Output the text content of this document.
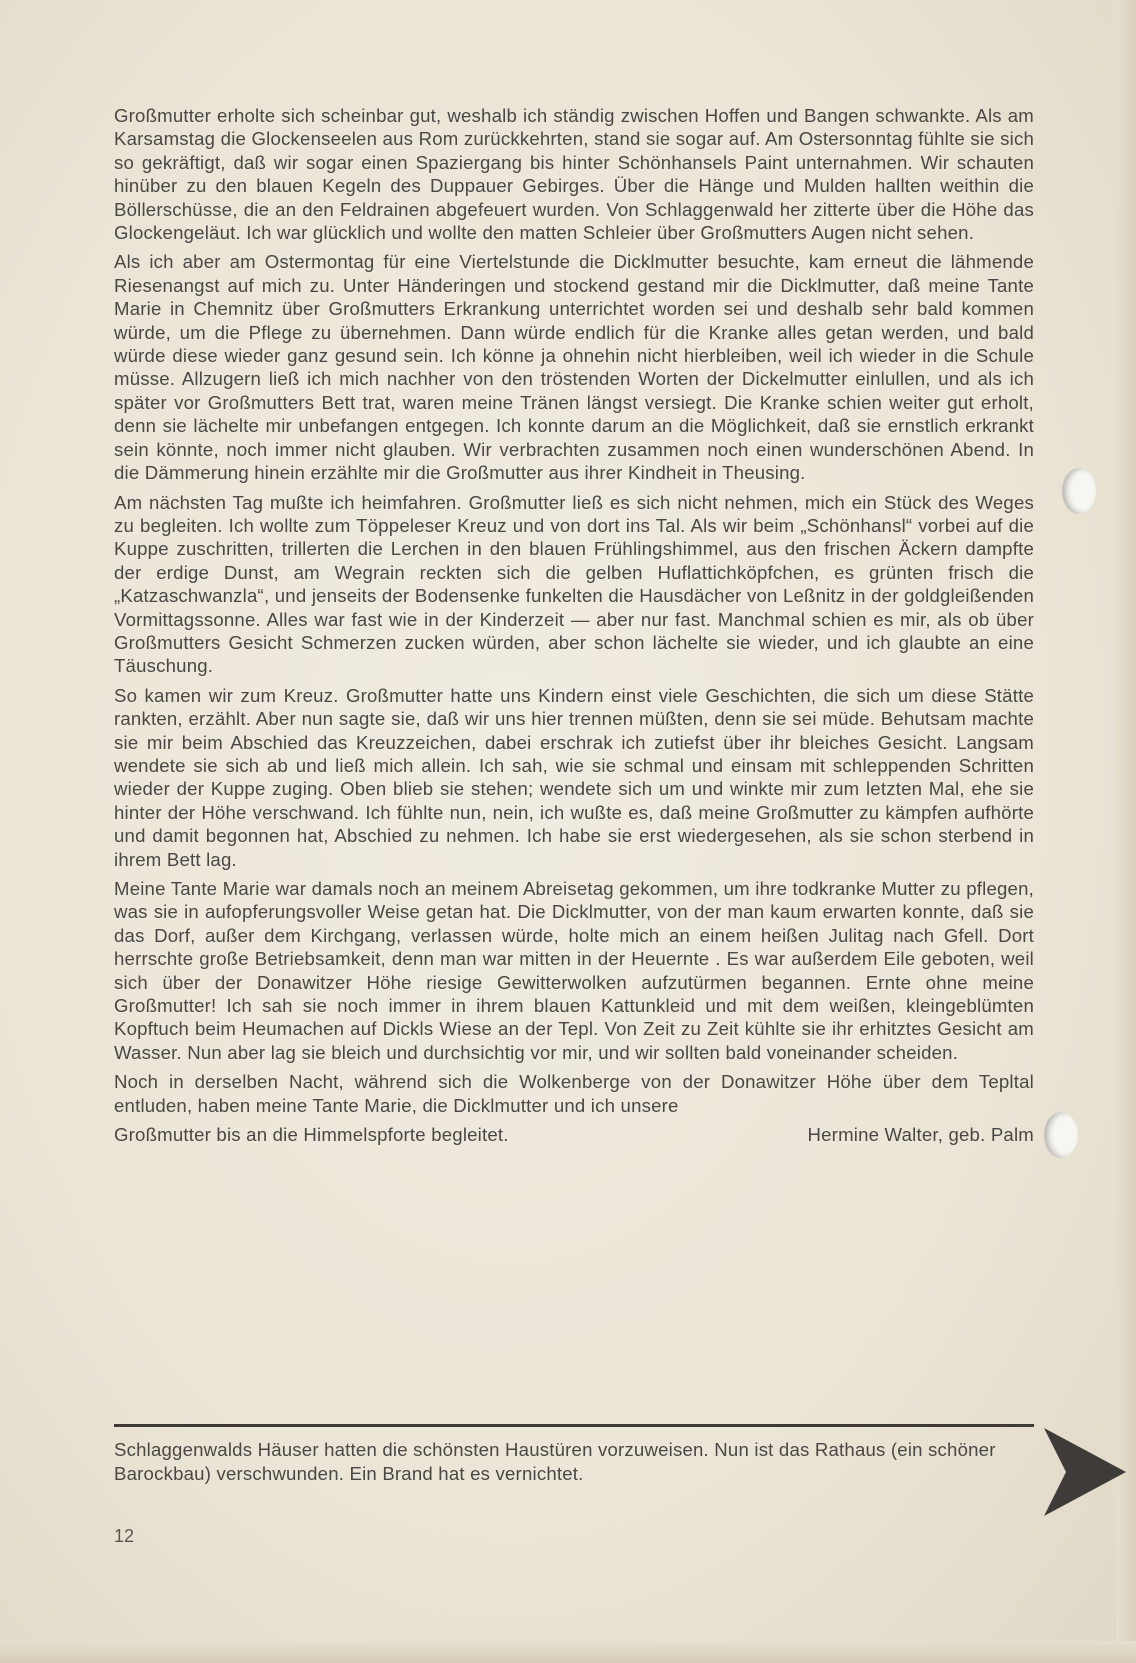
Großmutter erholte sich scheinbar gut, weshalb ich ständig zwischen Hoffen und Bangen schwankte. Als am Karsamstag die Glockenseelen aus Rom zurückkehrten, stand sie sogar auf. Am Ostersonntag fühlte sie sich so gekräftigt, daß wir sogar einen Spaziergang bis hinter Schönhansels Paint unternahmen. Wir schauten hinüber zu den blauen Kegeln des Duppauer Gebirges. Über die Hänge und Mulden hallten weithin die Böllerschüsse, die an den Feldrainen abgefeuert wurden. Von Schlaggenwald her zitterte über die Höhe das Glockengeläut. Ich war glücklich und wollte den matten Schleier über Großmutters Augen nicht sehen.

Als ich aber am Ostermontag für eine Viertelstunde die Dicklmutter besuchte, kam erneut die lähmende Riesenangst auf mich zu. Unter Händeringen und stockend gestand mir die Dicklmutter, daß meine Tante Marie in Chemnitz über Großmutters Erkrankung unterrichtet worden sei und deshalb sehr bald kommen würde, um die Pflege zu übernehmen. Dann würde endlich für die Kranke alles getan werden, und bald würde diese wieder ganz gesund sein. Ich könne ja ohnehin nicht hierbleiben, weil ich wieder in die Schule müsse. Allzugern ließ ich mich nachher von den tröstenden Worten der Dickelmutter einlullen, und als ich später vor Großmutters Bett trat, waren meine Tränen längst versiegt. Die Kranke schien weiter gut erholt, denn sie lächelte mir unbefangen entgegen. Ich konnte darum an die Möglichkeit, daß sie ernstlich erkrankt sein könnte, noch immer nicht glauben. Wir verbrachten zusammen noch einen wunderschönen Abend. In die Dämmerung hinein erzählte mir die Großmutter aus ihrer Kindheit in Theusing.

Am nächsten Tag mußte ich heimfahren. Großmutter ließ es sich nicht nehmen, mich ein Stück des Weges zu begleiten. Ich wollte zum Töppeleser Kreuz und von dort ins Tal. Als wir beim „Schönhansl“ vorbei auf die Kuppe zuschritten, trillerten die Lerchen in den blauen Frühlingshimmel, aus den frischen Äckern dampfte der erdige Dunst, am Wegrain reckten sich die gelben Huflattichköpfchen, es grünten frisch die „Katzaschwanzla“, und jenseits der Bodensenke funkelten die Hausdächer von Leßnitz in der goldgleißenden Vormittagssonne. Alles war fast wie in der Kinderzeit — aber nur fast. Manchmal schien es mir, als ob über Großmutters Gesicht Schmerzen zucken würden, aber schon lächelte sie wieder, und ich glaubte an eine Täuschung.

So kamen wir zum Kreuz. Großmutter hatte uns Kindern einst viele Geschichten, die sich um diese Stätte rankten, erzählt. Aber nun sagte sie, daß wir uns hier trennen müßten, denn sie sei müde. Behutsam machte sie mir beim Abschied das Kreuzzeichen, dabei erschrak ich zutiefst über ihr bleiches Gesicht. Langsam wendete sie sich ab und ließ mich allein. Ich sah, wie sie schmal und einsam mit schleppenden Schritten wieder der Kuppe zuging. Oben blieb sie stehen; wendete sich um und winkte mir zum letzten Mal, ehe sie hinter der Höhe verschwand. Ich fühlte nun, nein, ich wußte es, daß meine Großmutter zu kämpfen aufhörte und damit begonnen hat, Abschied zu nehmen. Ich habe sie erst wiedergesehen, als sie schon sterbend in ihrem Bett lag.

Meine Tante Marie war damals noch an meinem Abreisetag gekommen, um ihre todkranke Mutter zu pflegen, was sie in aufopferungsvoller Weise getan hat. Die Dicklmutter, von der man kaum erwarten konnte, daß sie das Dorf, außer dem Kirchgang, verlassen würde, holte mich an einem heißen Julitag nach Gfell. Dort herrschte große Betriebsamkeit, denn man war mitten in der Heuernte . Es war außerdem Eile geboten, weil sich über der Donawitzer Höhe riesige Gewitterwolken aufzutürmen begannen. Ernte ohne meine Großmutter! Ich sah sie noch immer in ihrem blauen Kattunkleid und mit dem weißen, kleingeblümten Kopftuch beim Heumachen auf Dickls Wiese an der Tepl. Von Zeit zu Zeit kühlte sie ihr erhitztes Gesicht am Wasser. Nun aber lag sie bleich und durchsichtig vor mir, und wir sollten bald voneinander scheiden.

Noch in derselben Nacht, während sich die Wolkenberge von der Donawitzer Höhe über dem Tepltal entluden, haben meine Tante Marie, die Dicklmutter und ich unsere

Großmutter bis an die Himmelspforte begleitet.	Hermine Walter, geb. Palm
Schlaggenwalds Häuser hatten die schönsten Haustüren vorzuweisen. Nun ist das Rathaus (ein schöner Barockbau) verschwunden. Ein Brand hat es vernichtet.
12
